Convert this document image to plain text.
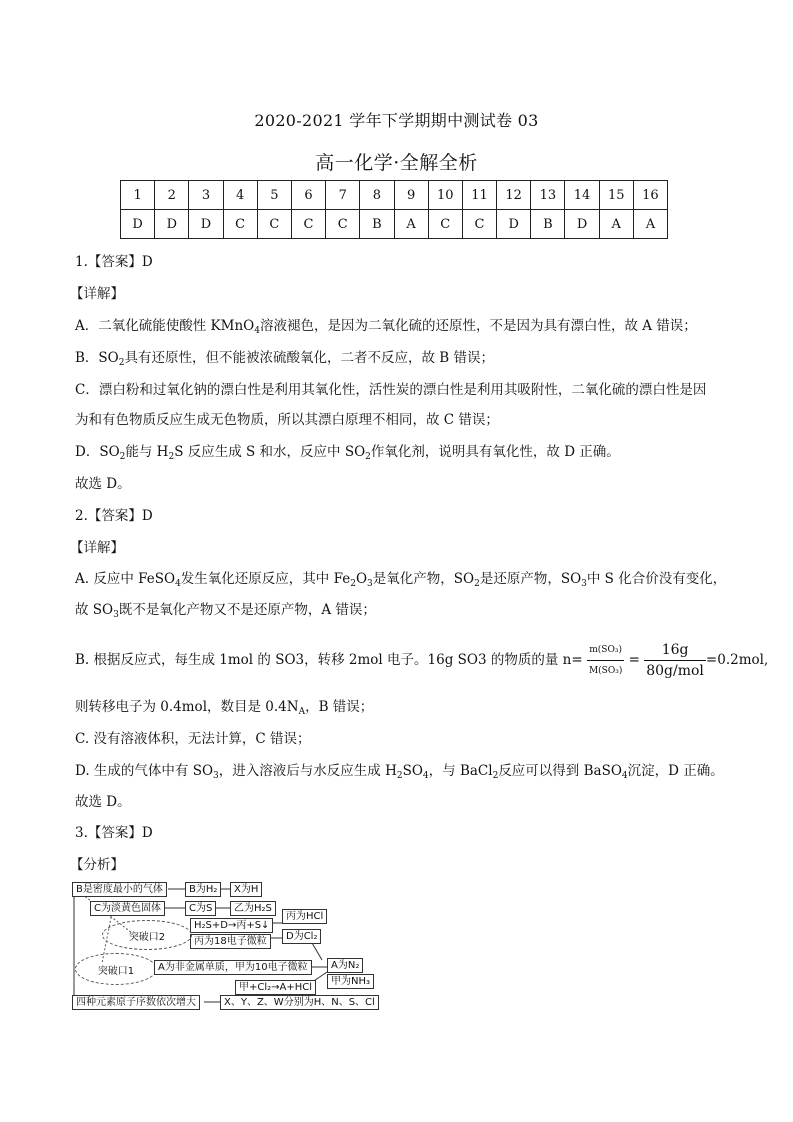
2020-2021 学年下学期期中测试卷 03
高一化学·全解全析
1	2	3	4	5	6	7	8	9	10	11	12	13	14	15	16
D	D	D	C	C	C	C	B	A	C	C	D	B	D	A	A
1.【答案】D
【详解】
A．二氧化硫能使酸性 KMnO$_4$溶液褪色，是因为二氧化硫的还原性，不是因为具有漂白性，故 A 错误；
B．$SO_2$具有还原性，但不能被浓硫酸氧化，二者不反应，故 B 错误；
C．漂白粉和过氧化钠的漂白性是利用其氧化性，活性炭的漂白性是利用其吸附性，二氧化硫的漂白性是因
为和有色物质反应生成无色物质，所以其漂白原理不相同，故 C 错误；
D．$SO_2$能与 $H_2S$ 反应生成 S 和水，反应中 $SO_2$作氧化剂，说明具有氧化性，故 D 正确。
故选 D。
2.【答案】D
【详解】
A. 反应中 FeSO$_4$发生氧化还原反应，其中 $Fe_2O_3$是氧化产物，$SO_2$是还原产物，$SO_3$中 S 化合价没有变化，
故 $SO_3$既不是氧化产物又不是还原产物，A 错误；
B. 根据反应式，每生成 1mol 的 SO3，转移 2mol 电子。16g SO3 的物质的量 $n= \frac{\text{m(SO₃)}}{\text{M(SO₃)}} = \frac{16g}{\text{80g/mol}} =0.2mol$,
则转移电子为 0.4mol，数目是 $0.4N_A$，B 错误；
C. 没有溶液体积，无法计算，C 错误；
D. 生成的气体中有 $SO_3$，进入溶液后与水反应生成 $H_2SO_4$，与 BaCl$_2$反应可以得到 BaSO$_4$沉淀，D 正确。
故选 D。
3.【答案】D
【分析】
B是密度最小的气体
C为淡黄色固体
B为H₂	X为H
C为S	乙为H₂S
H₂S+D→丙+S↓
丙为18电子微粒
丙为HCl
D为Cl₂
突破口2
突破口1	A为非金属单质，甲为10电子微粒
甲+Cl₂→A+HCl
A为N₂
甲为NH₃
四种元素原子序数依次增大	X、Y、Z、W分别为H、N、S、Cl
